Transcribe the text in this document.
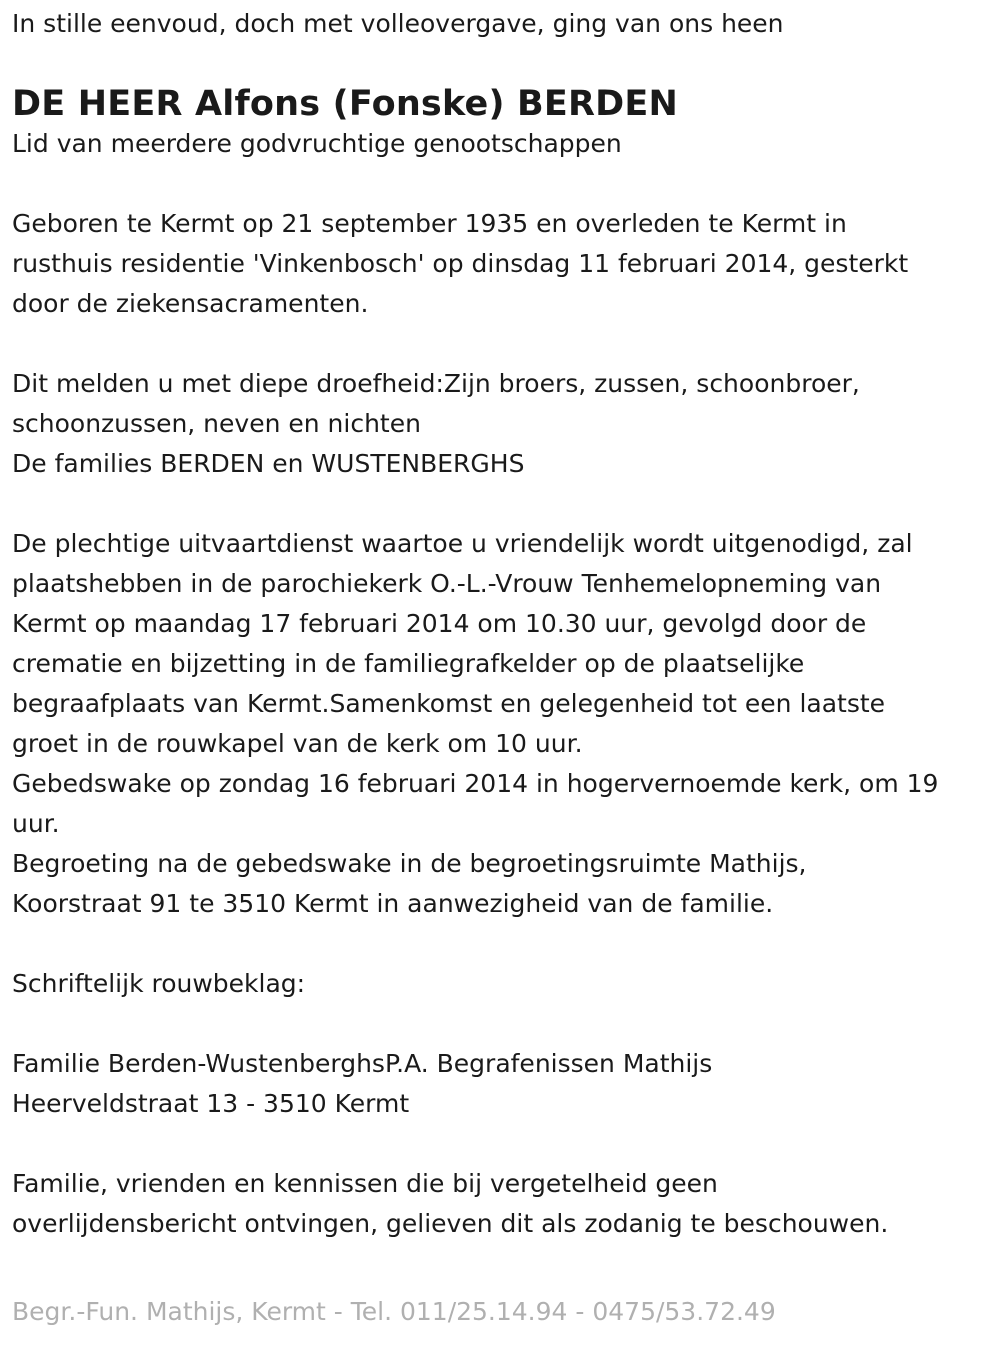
In stille eenvoud, doch met volleovergave, ging van ons heen

DE HEER Alfons (Fonske) BERDEN

Lid van meerdere godvruchtige genootschappen

Geboren te Kermt op 21 september 1935 en overleden te Kermt in

rusthuis residentie 'Vinkenbosch' op dinsdag 11 februari 2014, gesterkt

door de ziekensacramenten.

Dit melden u met diepe droefheid:Zijn broers, zussen, schoonbroer,

schoonzussen, neven en nichten

De families BERDEN en WUSTENBERGHS

De plechtige uitvaartdienst waartoe u vriendelijk wordt uitgenodigd, zal

plaatshebben in de parochiekerk O.-L.-Vrouw Tenhemelopneming van

Kermt op maandag 17 februari 2014 om 10.30 uur, gevolgd door de

crematie en bijzetting in de familiegrafkelder op de plaatselijke

begraafplaats van Kermt.Samenkomst en gelegenheid tot een laatste

groet in de rouwkapel van de kerk om 10 uur.

Gebedswake op zondag 16 februari 2014 in hogervernoemde kerk, om 19

uur.

Begroeting na de gebedswake in de begroetingsruimte Mathijs,

Koorstraat 91 te 3510 Kermt in aanwezigheid van de familie.

Schriftelijk rouwbeklag:

Familie Berden-WustenberghsP.A. Begrafenissen Mathijs

Heerveldstraat 13 - 3510 Kermt

Familie, vrienden en kennissen die bij vergetelheid geen

overlijdensbericht ontvingen, gelieven dit als zodanig te beschouwen.

Begr.-Fun. Mathijs, Kermt - Tel. 011/25.14.94 - 0475/53.72.49
